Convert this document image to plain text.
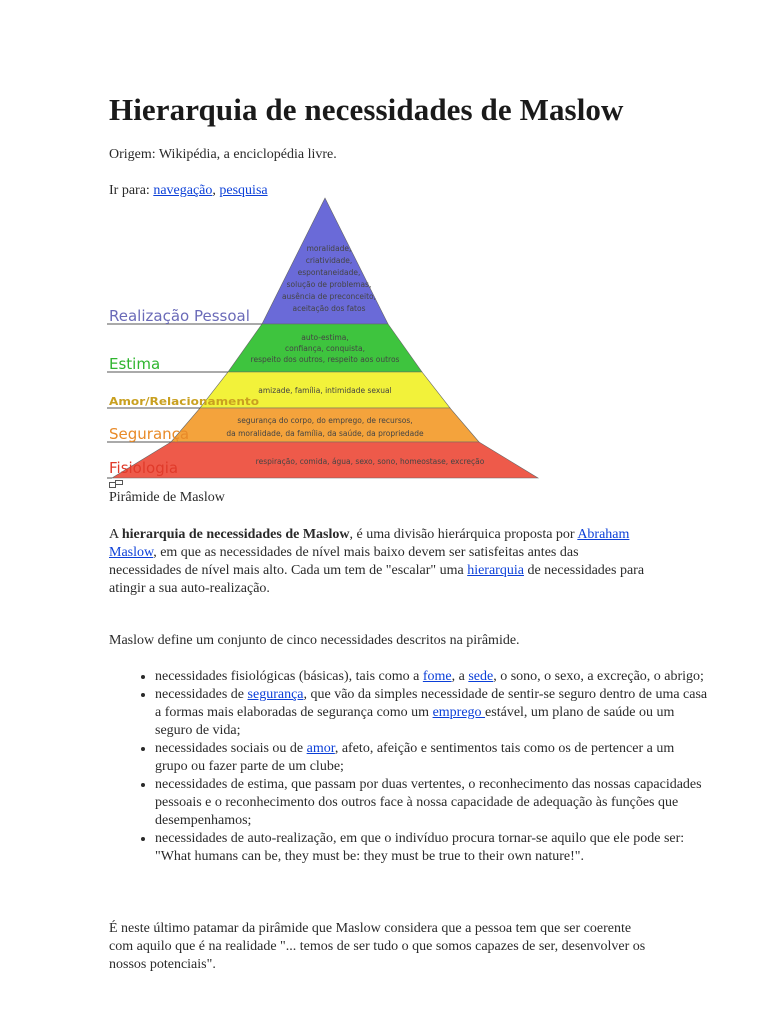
Hierarquia de necessidades de Maslow

Origem: Wikipédia, a enciclopédia livre.

Ir para: navegação, pesquisa

Realização Pessoal
Estima
Amor/Relacionamento
Segurança
Fisiologia
moralidade,
criatividade,
espontaneidade,
solução de problemas,
ausência de preconceito,
aceitação dos fatos
auto-estima,
confiança, conquista,
respeito dos outros, respeito aos outros
amizade, família, intimidade sexual
segurança do corpo, do emprego, de recursos,
da moralidade, da família, da saúde, da propriedade
respiração, comida, água, sexo, sono, homeostase, excreção

Pirâmide de Maslow

A hierarquia de necessidades de Maslow, é uma divisão hierárquica proposta por Abraham Maslow, em que as necessidades de nível mais baixo devem ser satisfeitas antes das necessidades de nível mais alto. Cada um tem de "escalar" uma hierarquia de necessidades para atingir a sua auto-realização.

Maslow define um conjunto de cinco necessidades descritos na pirâmide.

• necessidades fisiológicas (básicas), tais como a fome, a sede, o sono, o sexo, a excreção, o abrigo;
• necessidades de segurança, que vão da simples necessidade de sentir-se seguro dentro de uma casa a formas mais elaboradas de segurança como um emprego estável, um plano de saúde ou um seguro de vida;
• necessidades sociais ou de amor, afeto, afeição e sentimentos tais como os de pertencer a um grupo ou fazer parte de um clube;
• necessidades de estima, que passam por duas vertentes, o reconhecimento das nossas capacidades pessoais e o reconhecimento dos outros face à nossa capacidade de adequação às funções que desempenhamos;
• necessidades de auto-realização, em que o indivíduo procura tornar-se aquilo que ele pode ser: "What humans can be, they must be: they must be true to their own nature!".

É neste último patamar da pirâmide que Maslow considera que a pessoa tem que ser coerente com aquilo que é na realidade "... temos de ser tudo o que somos capazes de ser, desenvolver os nossos potenciais".
